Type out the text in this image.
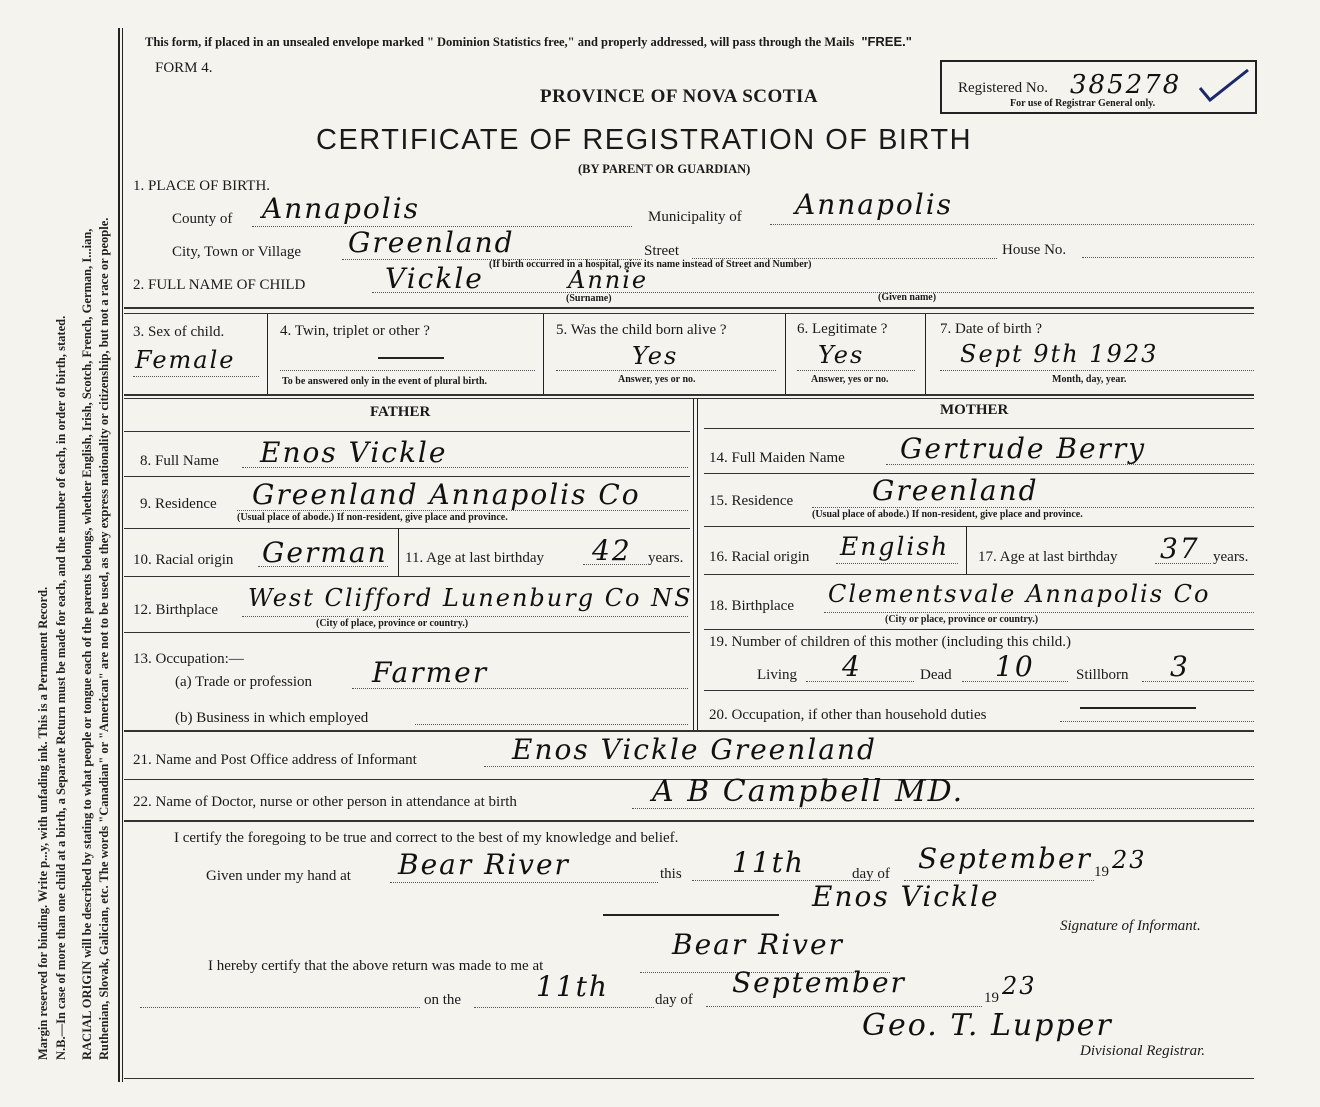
Margin reserved for binding. Write p...y, with unfading ink. This is a Permanent Record. N.B.—In case of more than one child at a birth, a Separate Return must be made for each, and the number of each, in order of birth, stated. RACIAL ORIGIN will be described by stating to what people or tongue each of the parents belongs, whether English, Irish, Scotch, French, German, I...ian, Ruthenian, Slovak, Galician, etc. The words "Canadian" or "American" are not to be used, as they express nationality or citizenship, but not a race or people.
This form, if placed in an unsealed envelope marked " Dominion Statistics free," and properly addressed, will pass through the Mails "FREE."
FORM 4.
Registered No. 385278
For use of Registrar General only.
PROVINCE OF NOVA SCOTIA
CERTIFICATE OF REGISTRATION OF BIRTH
(BY PARENT OR GUARDIAN)
1. PLACE OF BIRTH.
County of Annapolis	Municipality of Annapolis
City, Town or Village Greenland	Street	House No.
(If birth occurred in a hospital, give its name instead of Street and Number)
2. FULL NAME OF CHILD	Vickle	Annie
(Surname)	(Given name)
3. Sex of child.
Female
4. Twin, triplet or other ?
To be answered only in the event of plural birth.
5. Was the child born alive ?
Yes
Answer, yes or no.
6. Legitimate ?
Yes
Answer, yes or no.
7. Date of birth ?
Sept 9th 1923
Month, day, year.
FATHER
8. Full Name Enos Vickle
9. Residence Greenland Annapolis Co
(Usual place of abode.) If non-resident, give place and province.
10. Racial origin German 11. Age at last birthday 42 years.
12. Birthplace West Clifford Lunenburg Co NS
(City of place, province or country.)
13. Occupation:—
(a) Trade or profession Farmer
(b) Business in which employed
MOTHER
14. Full Maiden Name Gertrude Berry
15. Residence	Greenland
(Usual place of abode.) If non-resident, give place and province.
16. Racial origin English 17. Age at last birthday 37 years.
18. Birthplace Clementsvale Annapolis Co
(City or place, province or country.)
19. Number of children of this mother (including this child.)
Living 4	Dead 10	Stillborn 3
20. Occupation, if other than household duties
21. Name and Post Office address of Informant	Enos Vickle Greenland
22. Name of Doctor, nurse or other person in attendance at birth	A B Campbell MD.
I certify the foregoing to be true and correct to the best of my knowledge and belief.
Given under my hand at Bear River	this 11th	day of September 19 23
Enos Vickle
Signature of Informant.
I hereby certify that the above return was made to me at
Bear River
on the	11th	day of
September	19 23
Geo. T. Lupper
Divisional Registrar.
